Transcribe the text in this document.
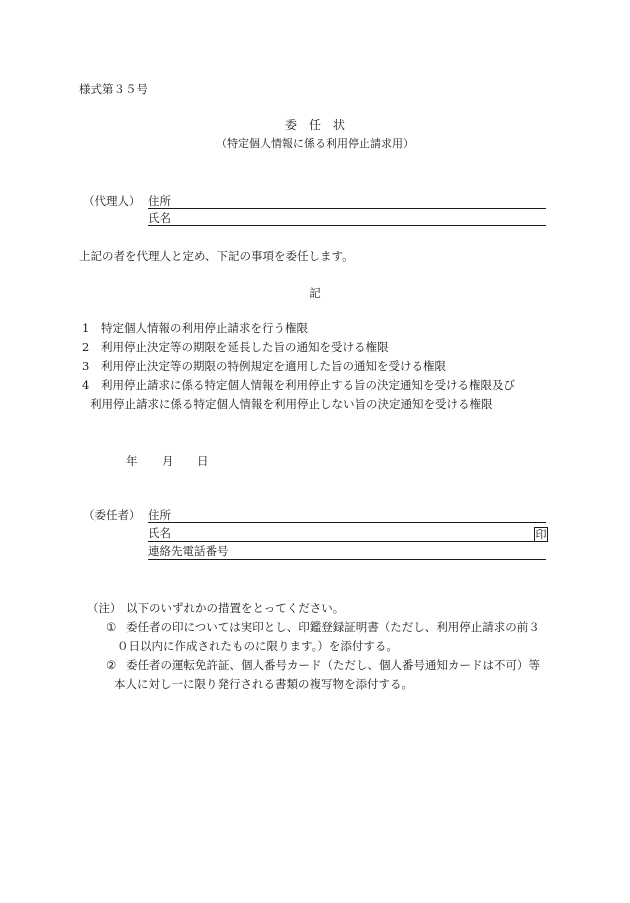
様式第３５号
委　任　状
（特定個人情報に係る利用停止請求用）
（代理人） 住所
氏名
上記の者を代理人と定め、下記の事項を委任します。
記
1 特定個人情報の利用停止請求を行う権限
2 利用停止決定等の期限を延長した旨の通知を受ける権限
3 利用停止決定等の期限の特例規定を適用した旨の通知を受ける権限
4 利用停止請求に係る特定個人情報を利用停止する旨の決定通知を受ける権限及び
利用停止請求に係る特定個人情報を利用停止しない旨の決定通知を受ける権限
年 月 日
（委任者） 住所
氏名	印
連絡先電話番号
（注） 以下のいずれかの措置をとってください。
① 委任者の印については実印とし、印鑑登録証明書（ただし、利用停止請求の前３
０日以内に作成されたものに限ります。）を添付する。
② 委任者の運転免許証、個人番号カード（ただし、個人番号通知カードは不可）等
本人に対し一に限り発行される書類の複写物を添付する。
